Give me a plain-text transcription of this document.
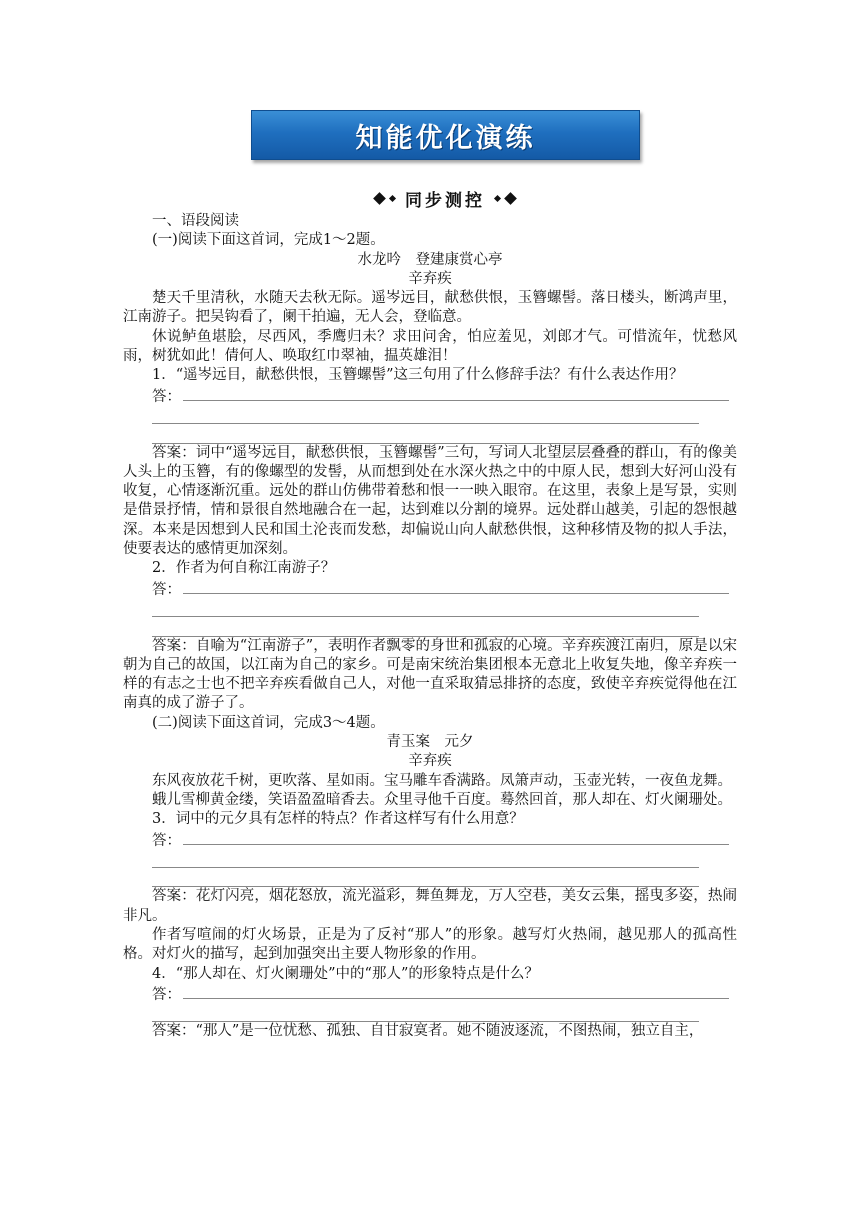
知能优化演练
同步测控
一、语段阅读
(一)阅读下面这首词，完成1～2题。
水龙吟　登建康赏心亭
辛弃疾

楚天千里清秋，水随天去秋无际。遥岑远目，献愁供恨，玉簪螺髻。落日楼头，断鸿声里，江南游子。把吴钩看了，阑干拍遍，无人会，登临意。

休说鲈鱼堪脍，尽西风，季鹰归未？求田问舍，怕应羞见，刘郎才气。可惜流年，忧愁风雨，树犹如此！倩何人、唤取红巾翠袖，揾英雄泪！

1．“遥岑远目，献愁供恨，玉簪螺髻”这三句用了什么修辞手法？有什么表达作用？
答：

答案：词中“遥岑远目，献愁供恨，玉簪螺髻”三句，写词人北望层层叠叠的群山，有的像美人头上的玉簪，有的像螺型的发髻，从而想到处在水深火热之中的中原人民，想到大好河山没有收复，心情逐渐沉重。远处的群山仿佛带着愁和恨一一映入眼帘。在这里，表象上是写景，实则是借景抒情，情和景很自然地融合在一起，达到难以分割的境界。远处群山越美，引起的怨恨越深。本来是因想到人民和国土沦丧而发愁，却偏说山向人献愁供恨，这种移情及物的拟人手法，使要表达的感情更加深刻。

2．作者为何自称江南游子？
答：

答案：自喻为“江南游子”，表明作者飘零的身世和孤寂的心境。辛弃疾渡江南归，原是以宋朝为自己的故国，以江南为自己的家乡。可是南宋统治集团根本无意北上收复失地，像辛弃疾一样的有志之士也不把辛弃疾看做自己人，对他一直采取猜忌排挤的态度，致使辛弃疾觉得他在江南真的成了游子了。

(二)阅读下面这首词，完成3～4题。
青玉案　元夕
辛弃疾

东风夜放花千树，更吹落、星如雨。宝马雕车香满路。凤箫声动，玉壶光转，一夜鱼龙舞。

蛾儿雪柳黄金缕，笑语盈盈暗香去。众里寻他千百度。蓦然回首，那人却在、灯火阑珊处。

3．词中的元夕具有怎样的特点？作者这样写有什么用意？
答：

答案：花灯闪亮，烟花怒放，流光溢彩，舞鱼舞龙，万人空巷，美女云集，摇曳多姿，热闹非凡。

作者写喧闹的灯火场景，正是为了反衬“那人”的形象。越写灯火热闹，越见那人的孤高性格。对灯火的描写，起到加强突出主要人物形象的作用。

4．“那人却在、灯火阑珊处”中的“那人”的形象特点是什么？
答：

答案：“那人”是一位忧愁、孤独、自甘寂寞者。她不随波逐流，不图热闹，独立自主，
